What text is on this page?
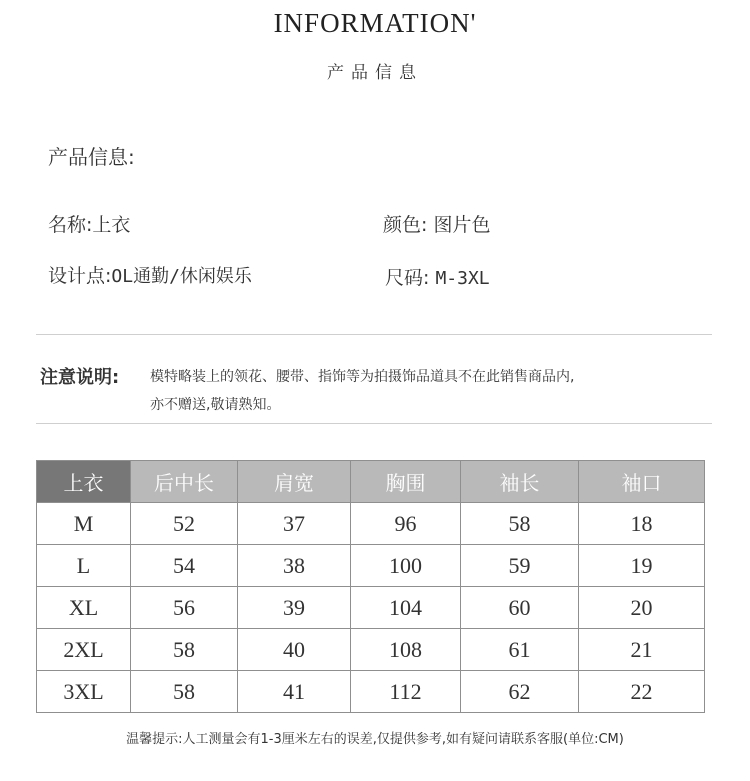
INFORMATION'
产品信息
产品信息:
名称:上衣	颜色: 图片色
设计点:OL通勤/休闲娱乐	尺码: M-3XL
注意说明: 模特略装上的领花、腰带、指饰等为拍摄饰品道具不在此销售商品内,
亦不赠送,敬请熟知。
上衣	后中长	肩宽	胸围	袖长	袖口
M	52	37	96	58	18
L	54	38	100	59	19
XL	56	39	104	60	20
2XL	58	40	108	61	21
3XL	58	41	112	62	22
温馨提示:人工测量会有1-3厘米左右的误差,仅提供参考,如有疑问请联系客服(单位:CM)
